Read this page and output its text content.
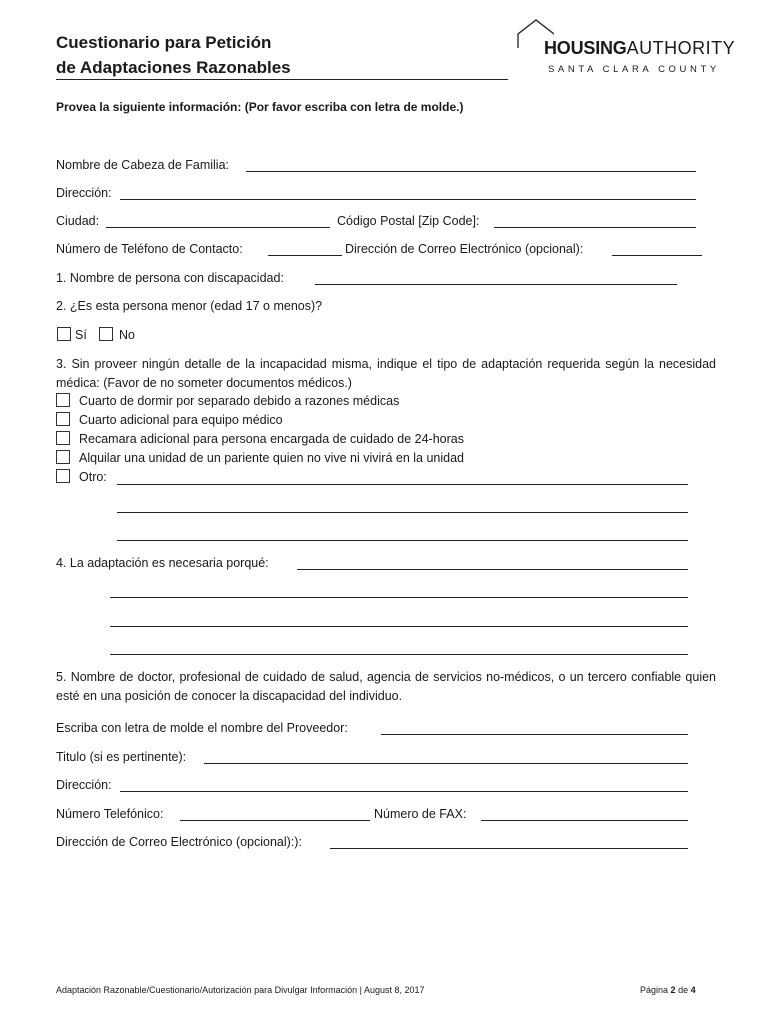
Cuestionario para Petición
de Adaptaciones Razonables
HOUSINGAUTHORITY
SANTA CLARA COUNTY
Provea la siguiente información: (Por favor escriba con letra de molde.)
Nombre de Cabeza de Familia:
Dirección:
Ciudad:	Código Postal [Zip Code]:
Número de Teléfono de Contacto:	Dirección de Correo Electrónico (opcional):
1. Nombre de persona con discapacidad:
2. ¿Es esta persona menor (edad 17 o menos)?
Sí	No
3. Sin proveer ningún detalle de la incapacidad misma, indique el tipo de adaptación requerida según la necesidad médica: (Favor de no someter documentos médicos.)
Cuarto de dormir por separado debido a razones médicas
Cuarto adicional para equipo médico
Recamara adicional para persona encargada de cuidado de 24-horas
Alquilar una unidad de un pariente quien no vive ni vivirá en la unidad
Otro:
4. La adaptación es necesaria porqué:
5. Nombre de doctor, profesional de cuidado de salud, agencia de servicios no-médicos, o un tercero confiable quien esté en una posición de conocer la discapacidad del individuo.
Escriba con letra de molde el nombre del Proveedor:
Titulo (si es pertinente):
Dirección:
Número Telefónico:	Número de FAX:
Dirección de Correo Electrónico (opcional):):
Adaptación Razonable/Cuestionario/Autorización para Divulgar Información | August 8, 2017	Página 2 de 4
